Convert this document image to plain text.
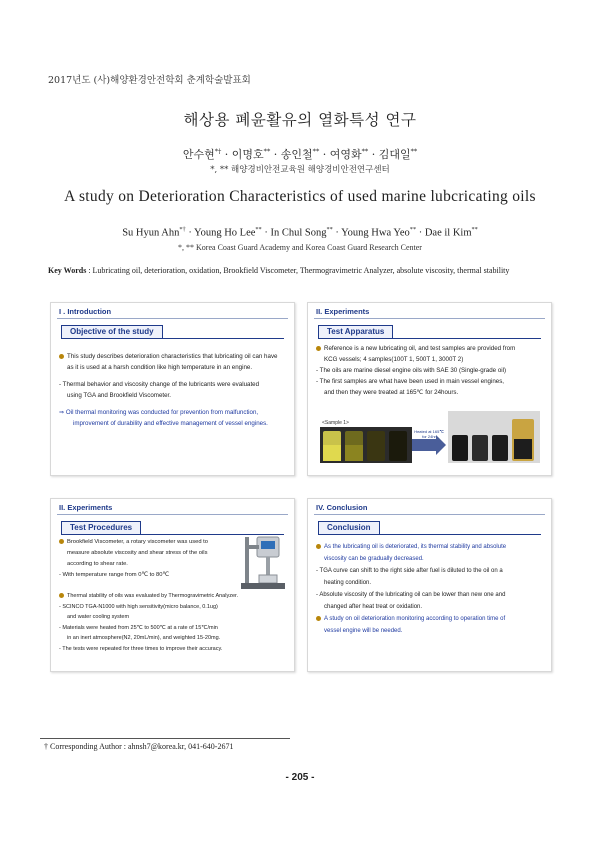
2017년도 (사)해양환경안전학회 춘계학술발표회
해상용 폐윤활유의 열화특성 연구
안수현*† · 이명호** · 송인철** · 여영화** · 김대일**
*, ** 해양경비안전교육원 해양경비안전연구센터
A study on Deterioration Characteristics of used marine lubcricating oils
Su Hyun Ahn*† · Young Ho Lee** · In Chul Song** · Young Hwa Yeo** · Dae il Kim**
*, ** Korea Coast Guard Academy and Korea Coast Guard Research Center
Key Words : Lubricating oil, deterioration, oxidation, Brookfield Viscometer, Thermogravimetric Analyzer, absolute viscosity, thermal stability
I . Introduction
Objective of the study

This study describes deterioration characteristics that lubricating oil can have

as it is used at a harsh condition like high temperature in an engine.

- Thermal behavior and viscosity change of the lubricants were evaluated

using TGA and Brookfield Viscometer.

⇒ Oil thermal monitoring was conducted for prevention from malfunction,

improvement of durability and effective management of vessel engines.

II. Experiments
Test Apparatus

Reference is a new lubricating oil, and test samples are provided from

KCG vessels; 4 samples(100T 1, 500T 1, 3000T 2)

- The oils are marine diesel engine oils with SAE 30 (Single-grade oil)

- The first samples are what have been used in main vessel engines,

and then they were treated at 165℃ for 24hours.

<Sample 1>
Heated at 165℃ for 24hr
II. Experiments
Test Procedures

Brookfield Viscometer, a rotary viscometer was used to

measure absolute viscosity and shear stress of the oils

according to shear rate.

- With temperature range from 0℃ to 80℃

Thermal stability of oils was evaluated by Thermogravimetric Analyzer.

- SCINCO TGA-N1000 with high sensitivity(micro balance, 0.1ug)

and water cooling system

- Materials were heated from 25℃ to 500℃ at a rate of 15℃/min

in an inert atmosphere(N2, 20mL/min), and weighted 15-20mg.

- The tests were repeated for three times to improve their accuracy.

IV. Conclusion
Conclusion

As the lubricating oil is deteriorated, its thermal stability and absolute

viscosity can be gradually decreased.

- TGA curve can shift to the right side after fuel is diluted to the oil on a

heating condition.

- Absolute viscosity of the lubricating oil can be lower than new one and

changed after heat treat or oxidation.

A study on oil deterioration monitoring according to operation time of

vessel engine will be needed.

† Corresponding Author : ahnsh7@korea.kr, 041-640-2671
- 205 -
